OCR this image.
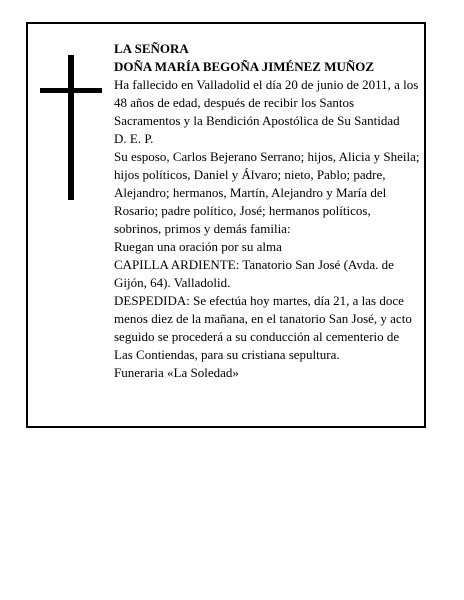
LA SEÑORA

DOÑA MARÍA BEGOÑA JIMÉNEZ MUÑOZ

Ha fallecido en Valladolid el día 20 de junio de 2011, a los 48 años de edad, después de recibir los Santos Sacramentos y la Bendición Apostólica de Su Santidad

D. E. P.

Su esposo, Carlos Bejerano Serrano; hijos, Alicia y Sheila; hijos políticos, Daniel y Álvaro; nieto, Pablo; padre, Alejandro; hermanos, Martín, Alejandro y María del Rosario; padre político, José; hermanos políticos, sobrinos, primos y demás familia:

Ruegan una oración por su alma

CAPILLA ARDIENTE: Tanatorio San José (Avda. de Gijón, 64). Valladolid.

DESPEDIDA: Se efectúa hoy martes, día 21, a las doce menos diez de la mañana, en el tanatorio San José, y acto seguido se procederá a su conducción al cementerio de Las Contiendas, para su cristiana sepultura.

Funeraria «La Soledad»
